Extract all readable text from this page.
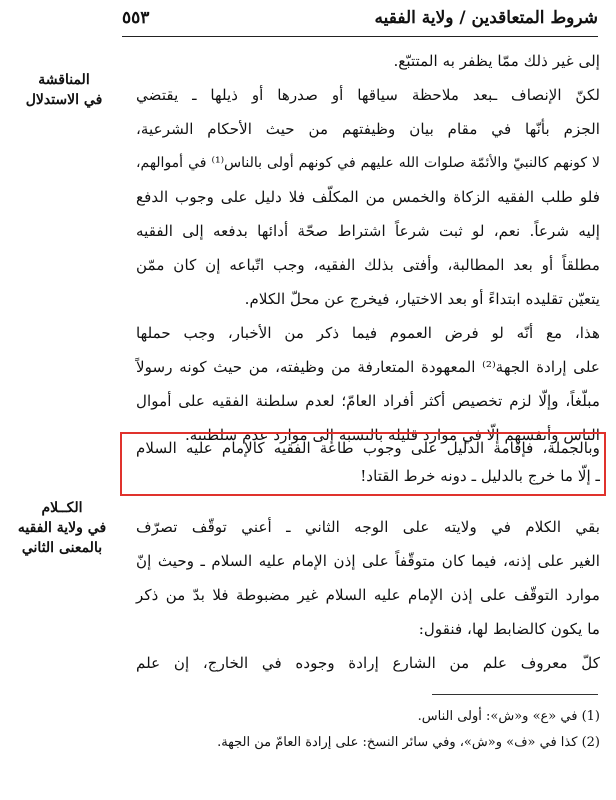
شروط المتعاقدين / ولاية الفقيه
٥٥٣
المناقشة
في الاستدلال
إلى غير ذلك ممّا يظفر به المتتبّع.
لكنّ الإنصاف ـبعد ملاحظة سياقها أو صدرها أو ذيلها ـ يقتضي
الجزم بأنّها في مقام بيان وظيفتهم من حيث الأحكام الشرعية،
لا كونهم كالنبيّ والأئمّة صلوات الله عليهم في كونهم أولى بالناس⁽¹⁾ في أموالهم،
فلو طلب الفقيه الزكاة والخمس من المكلّف فلا دليل على وجوب الدفع
إليه شرعاً. نعم، لو ثبت شرعاً اشتراط صحّة أدائها بدفعه إلى الفقيه
مطلقاً أو بعد المطالبة، وأفتى بذلك الفقيه، وجب اتّباعه إن كان ممّن
يتعيّن تقليده ابتداءً أو بعد الاختيار، فيخرج عن محلّ الكلام.
هذا، مع أنّه لو فرض العموم فيما ذكر من الأخبار، وجب حملها
على إرادة الجهة⁽²⁾ المعهودة المتعارفة من وظيفته، من حيث كونه رسولاً
مبلّغاً، وإلّا لزم تخصيص أكثر أفراد العامّ؛ لعدم سلطنة الفقيه على أموال
الناس وأنفسهم إلّا في موارد قليلة بالنسبة إلى موارد عدم سلطنته.
وبالجملة، فإقامة الدليل على وجوب طاعة الفقيه كالإمام عليه السلام
ـ إلّا ما خرج بالدليل ـ دونه خرط القتاد!
الكــلام
في ولاية الفقيه
بالمعنى الثاني
بقي الكلام في ولايته على الوجه الثاني ـ أعني توقّف تصرّف
الغير على إذنه، فيما كان متوقّفاً على إذن الإمام عليه السلام ـ وحيث إنّ
موارد التوقّف على إذن الإمام عليه السلام غير مضبوطة فلا بدّ من ذكر
ما يكون كالضابط لها، فنقول:
كلّ معروف علم من الشارع إرادة وجوده في الخارج، إن علم
(1) في «ع» و«ش»: أولى الناس.
(2) كذا في «ف» و«ش»، وفي سائر النسخ: على إرادة العامّ من الجهة.
